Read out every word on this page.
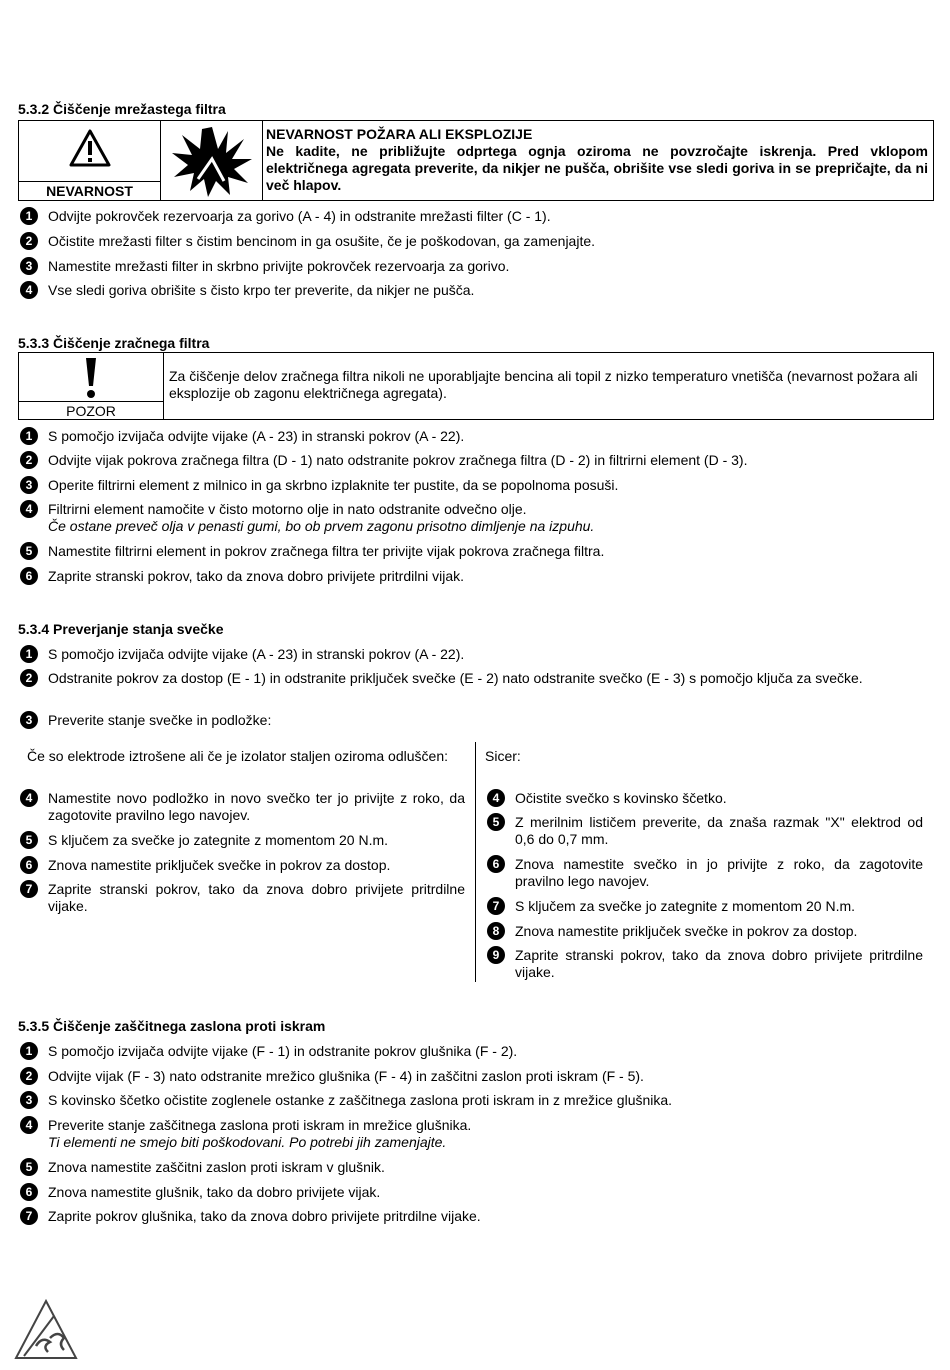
5.3.2 Čiščenje mrežastega filtra
NEVARNOST
NEVARNOST POŽARA ALI EKSPLOZIJE
Ne kadite, ne približujte odprtega ognja oziroma ne povzročajte iskrenja. Pred vklopom električnega agregata preverite, da nikjer ne pušča, obrišite vse sledi goriva in se prepričajte, da ni več hlapov.
1	Odvijte pokrovček rezervoarja za gorivo (A - 4) in odstranite mrežasti filter (C - 1).
2	Očistite mrežasti filter s čistim bencinom in ga osušite, če je poškodovan, ga zamenjajte.
3	Namestite mrežasti filter in skrbno privijte pokrovček rezervoarja za gorivo.
4	Vse sledi goriva obrišite s čisto krpo ter preverite, da nikjer ne pušča.
5.3.3 Čiščenje zračnega filtra
POZOR
Za čiščenje delov zračnega filtra nikoli ne uporabljajte bencina ali topil z nizko temperaturo vnetišča (nevarnost požara ali eksplozije ob zagonu električnega agregata).
1	S pomočjo izvijača odvijte vijake (A - 23) in stranski pokrov (A - 22).
2	Odvijte vijak pokrova zračnega filtra (D - 1) nato odstranite pokrov zračnega filtra (D - 2) in filtrirni element (D - 3).
3	Operite filtrirni element z milnico in ga skrbno izplaknite ter pustite, da se popolnoma posuši.
4	Filtrirni element namočite v čisto motorno olje in nato odstranite odvečno olje.
Če ostane preveč olja v penasti gumi, bo ob prvem zagonu prisotno dimljenje na izpuhu.
5	Namestite filtrirni element in pokrov zračnega filtra ter privijte vijak pokrova zračnega filtra.
6	Zaprite stranski pokrov, tako da znova dobro privijete pritrdilni vijak.
5.3.4 Preverjanje stanja svečke
1	S pomočjo izvijača odvijte vijake (A - 23) in stranski pokrov (A - 22).
2	Odstranite pokrov za dostop (E - 1) in odstranite priključek svečke (E - 2) nato odstranite svečko (E - 3) s pomočjo ključa za svečke.
3	Preverite stanje svečke in podložke:
Če so elektrode iztrošene ali če je izolator staljen oziroma odluščen:
4	Namestite novo podložko in novo svečko ter jo privijte z roko, da zagotovite pravilno lego navojev.
5	S ključem za svečke jo zategnite z momentom 20 N.m.
6	Znova namestite priključek svečke in pokrov za dostop.
7	Zaprite stranski pokrov, tako da znova dobro privijete pritrdilne vijake.
Sicer:
4	Očistite svečko s kovinsko ščetko.
5	Z merilnim lističem preverite, da znaša razmak "X" elektrod od 0,6 do 0,7 mm.
6	Znova namestite svečko in jo privijte z roko, da zagotovite pravilno lego navojev.
7	S ključem za svečke jo zategnite z momentom 20 N.m.
8	Znova namestite priključek svečke in pokrov za dostop.
9	Zaprite stranski pokrov, tako da znova dobro privijete pritrdilne vijake.
5.3.5 Čiščenje zaščitnega zaslona proti iskram
1	S pomočjo izvijača odvijte vijake (F - 1) in odstranite pokrov glušnika (F - 2).
2	Odvijte vijak (F - 3) nato odstranite mrežico glušnika (F - 4) in zaščitni zaslon proti iskram (F - 5).
3	S kovinsko ščetko očistite zoglenele ostanke z zaščitnega zaslona proti iskram in z mrežice glušnika.
4	Preverite stanje zaščitnega zaslona proti iskram in mrežice glušnika.
Ti elementi ne smejo biti poškodovani. Po potrebi jih zamenjajte.
5	Znova namestite zaščitni zaslon proti iskram v glušnik.
6	Znova namestite glušnik, tako da dobro privijete vijak.
7	Zaprite pokrov glušnika, tako da znova dobro privijete pritrdilne vijake.
